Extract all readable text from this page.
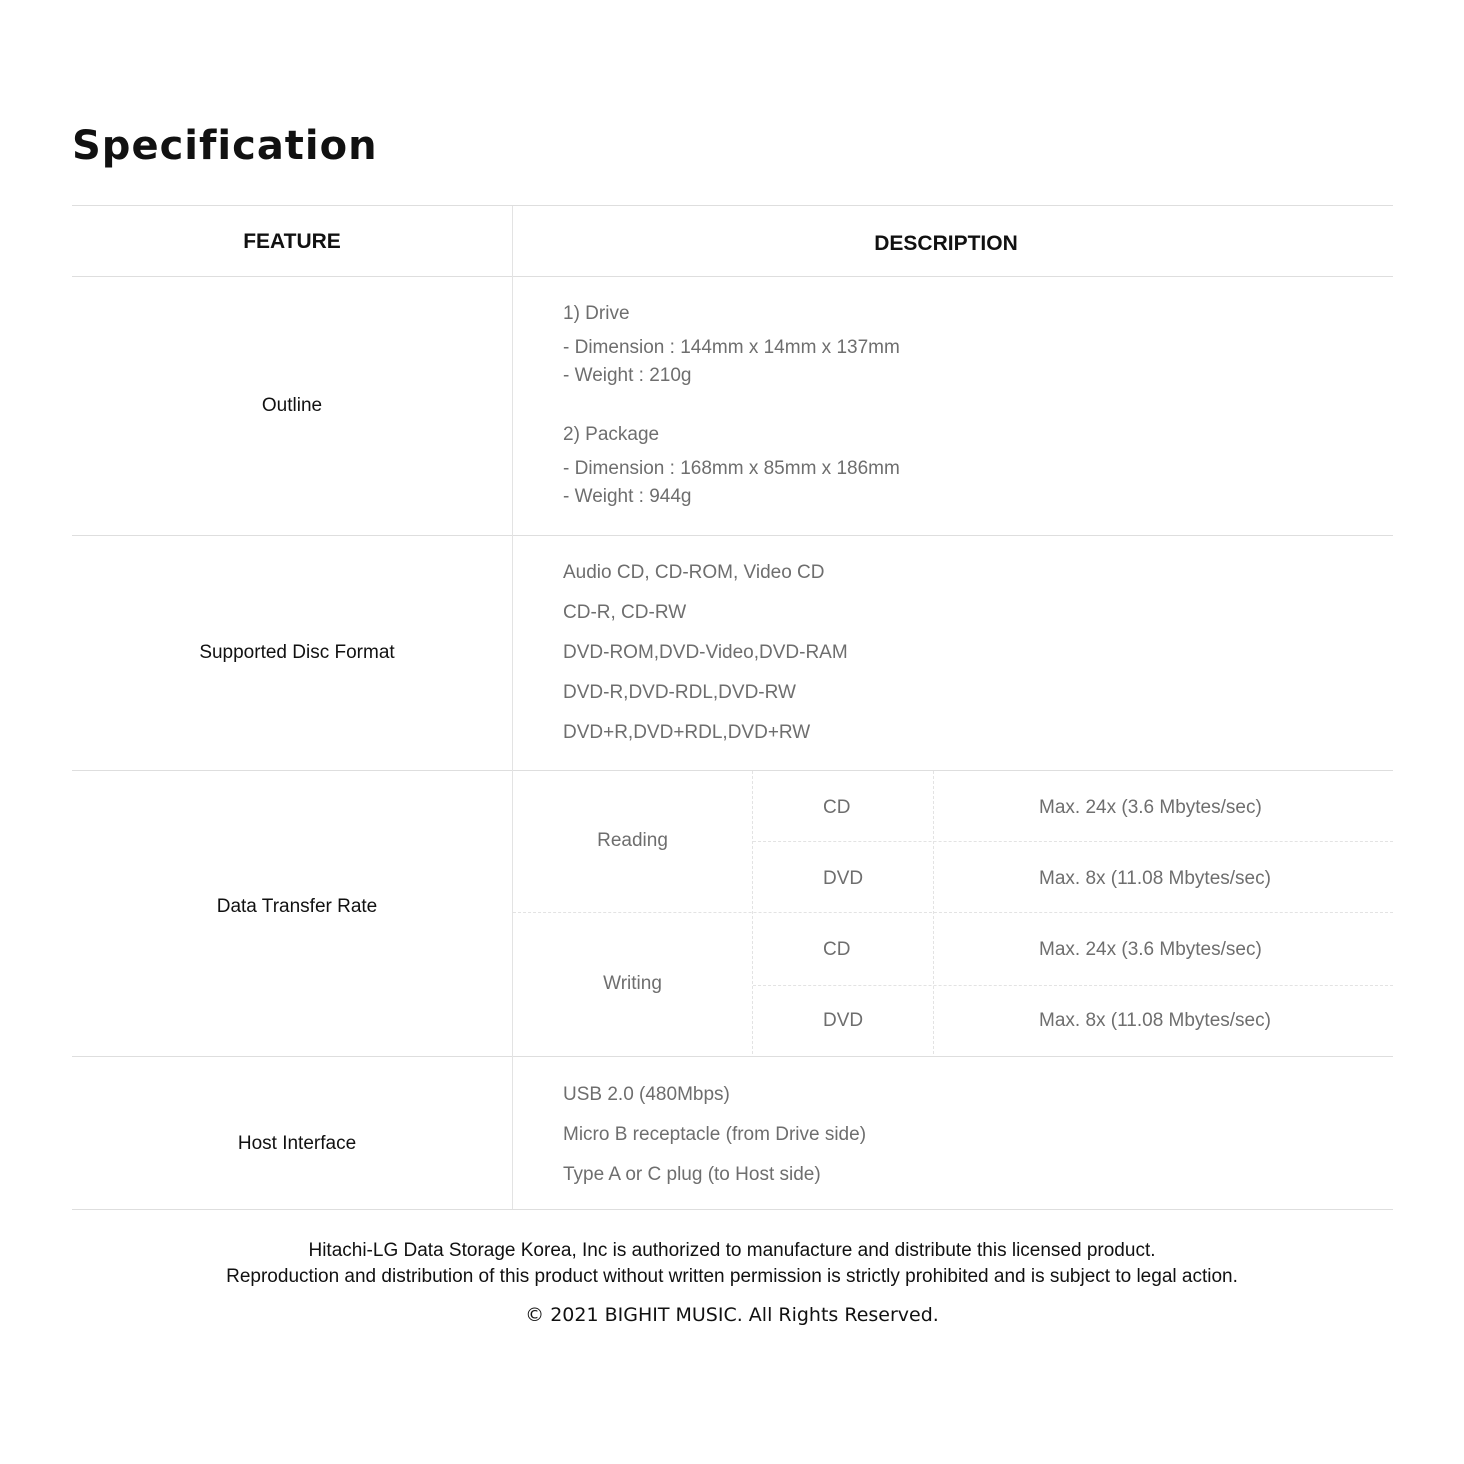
Specification
FEATURE	DESCRIPTION
Outline
1) Drive
- Dimension : 144mm x 14mm x 137mm
- Weight : 210g
2) Package
- Dimension : 168mm x 85mm x 186mm
- Weight : 944g
Supported Disc Format
Audio CD, CD-ROM, Video CD
CD-R, CD-RW
DVD-ROM,DVD-Video,DVD-RAM
DVD-R,DVD-RDL,DVD-RW
DVD+R,DVD+RDL,DVD+RW
Data Transfer Rate
Reading
Writing
CD
DVD
CD
DVD
Max. 24x (3.6 Mbytes/sec)
Max. 8x (11.08 Mbytes/sec)
Max. 24x (3.6 Mbytes/sec)
Max. 8x (11.08 Mbytes/sec)
Host Interface
USB 2.0 (480Mbps)
Micro B receptacle (from Drive side)
Type A or C plug (to Host side)
Hitachi-LG Data Storage Korea, Inc is authorized to manufacture and distribute this licensed product.
Reproduction and distribution of this product without written permission is strictly prohibited and is subject to legal action.
© 2021 BIGHIT MUSIC. All Rights Reserved.
